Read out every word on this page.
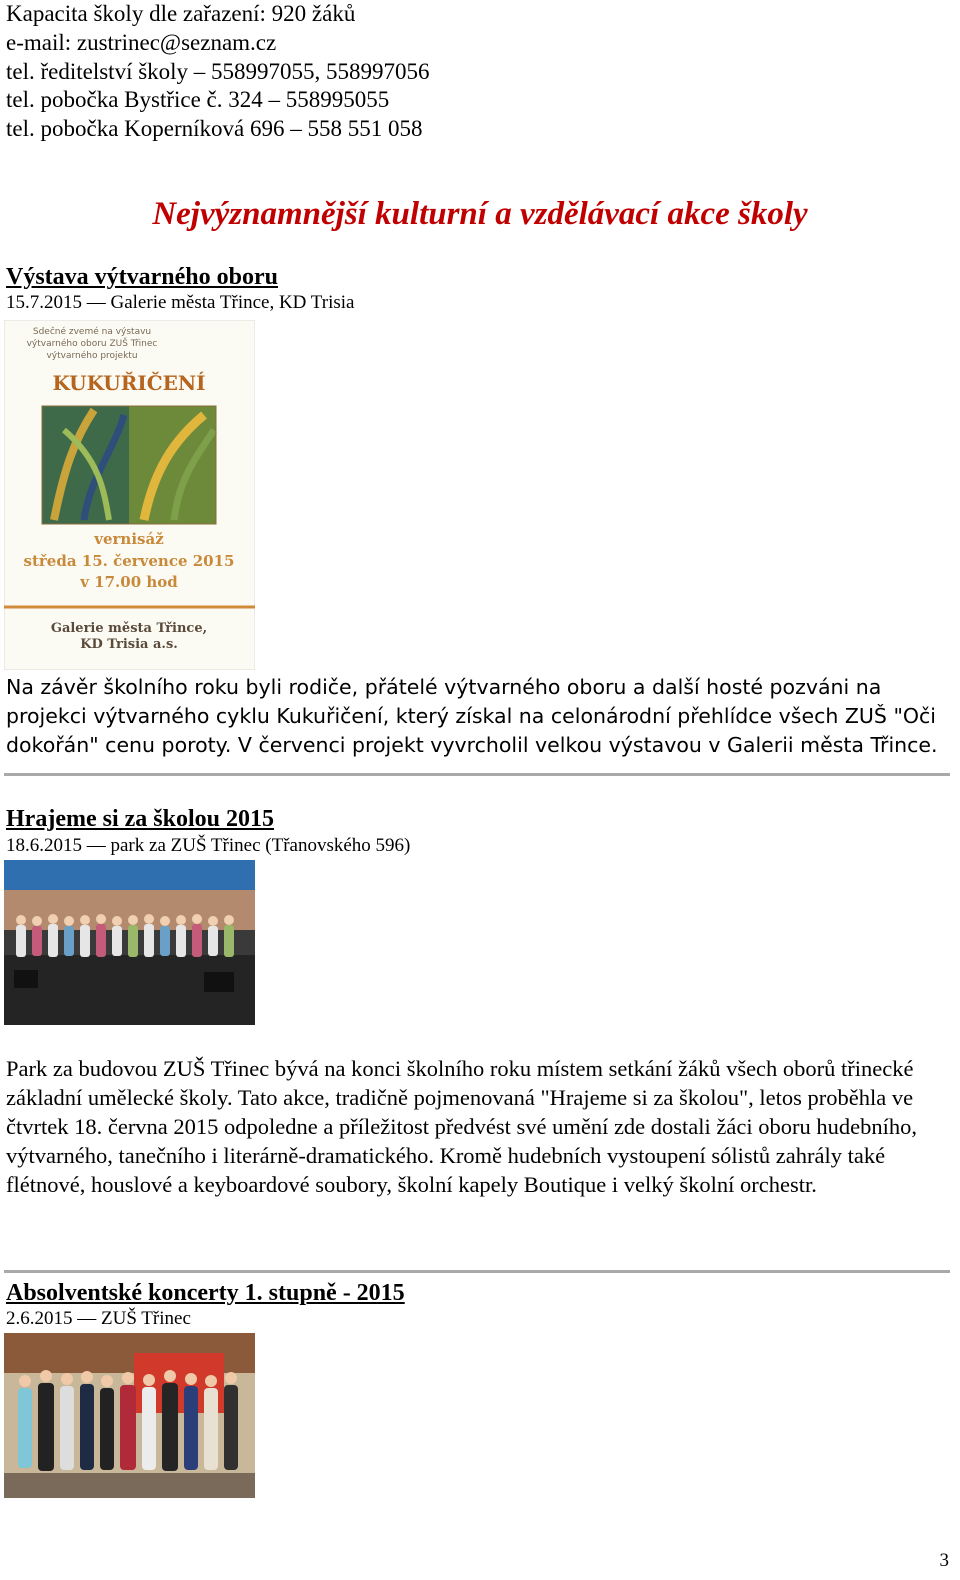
Kapacita školy dle zařazení: 920 žáků
e-mail: zustrinec@seznam.cz
tel. ředitelství školy – 558997055, 558997056
tel. pobočka Bystřice č. 324 – 558995055
tel. pobočka Koperníková 696 – 558 551 058
Nejvýznamnější kulturní a vzdělávací akce školy
Výstava výtvarného oboru
15.7.2015 — Galerie města Třince, KD Trisia
Sdečné zvemé na výstavu
výtvarného oboru ZUŠ Třinec
výtvarného projektu
KUKUŘIČENÍ
vernisáž
středa 15. července 2015
v 17.00 hod
Galerie města Třince,
KD Trisia a.s.
Na závěr školního roku byli rodiče, přátelé výtvarného oboru a další hosté pozváni na projekci výtvarného cyklu Kukuřičení, který získal na celonárodní přehlídce všech ZUŠ "Oči dokořán" cenu poroty. V červenci projekt vyvrcholil velkou výstavou v Galerii města Třince.
Hrajeme si za školou 2015
18.6.2015 — park za ZUŠ Třinec (Třanovského 596)
Park za budovou ZUŠ Třinec bývá na konci školního roku místem setkání žáků všech oborů třinecké základní umělecké školy. Tato akce, tradičně pojmenovaná "Hrajeme si za školou", letos proběhla ve čtvrtek 18. června 2015 odpoledne a příležitost předvést své umění zde dostali žáci oboru hudebního, výtvarného, tanečního i literárně-dramatického. Kromě hudebních vystoupení sólistů zahrály také flétnové, houslové a keyboardové soubory, školní kapely Boutique i velký školní orchestr.
Absolventské koncerty 1. stupně - 2015
2.6.2015 — ZUŠ Třinec
3
